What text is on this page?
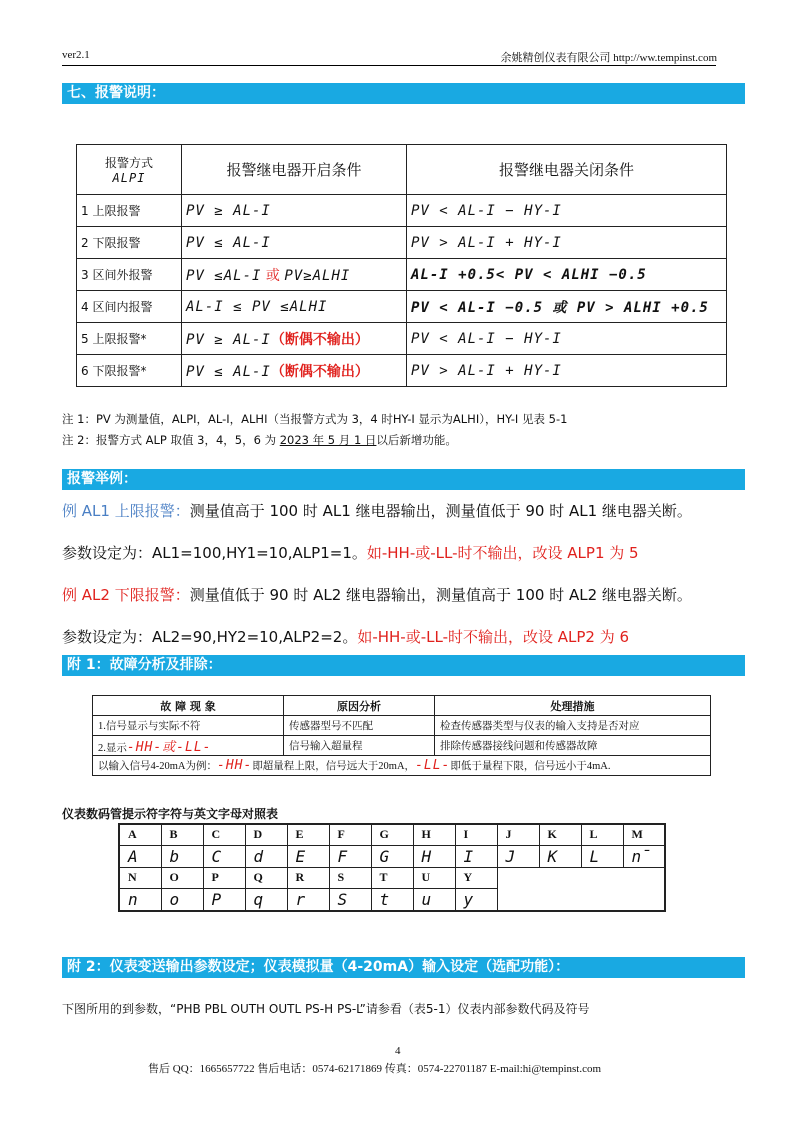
ver2.1	余姚精创仪表有限公司 http://ww.tempinst.com
七、报警说明：
报警方式
ALPI	报警继电器开启条件	报警继电器关闭条件
1 上限报警	PV ≥ AL-I	PV < AL-I − HY-I
2 下限报警	PV ≤ AL-I	PV > AL-I + HY-I
3 区间外报警	PV ≤AL-I 或 PV≥ALHI	AL-I +0.5< PV < ALHI −0.5
4 区间内报警	AL-I ≤ PV ≤ALHI	PV < AL-I −0.5 或 PV > ALHI +0.5
5 上限报警*	PV ≥ AL-I（断偶不输出）	PV < AL-I − HY-I
6 下限报警*	PV ≤ AL-I（断偶不输出）	PV > AL-I + HY-I
注 1：PV 为测量值，ALPI，AL-I，ALHI（当报警方式为 3，4 时HY-I 显示为ALHI），HY-I 见表 5-1
注 2：报警方式 ALP 取值 3，4，5，6 为 2023 年 5 月 1 日以后新增功能。
报警举例：
例 AL1 上限报警：测量值高于 100 时 AL1 继电器输出，测量值低于 90 时 AL1 继电器关断。
参数设定为：AL1=100,HY1=10,ALP1=1。如-HH-或-LL-时不输出，改设 ALP1 为 5
例 AL2 下限报警：测量值低于 90 时 AL2 继电器输出，测量值高于 100 时 AL2 继电器关断。
参数设定为：AL2=90,HY2=10,ALP2=2。如-HH-或-LL-时不输出，改设 ALP2 为 6
附 1：故障分析及排除：
故 障 现 象	原因分析	处理措施
1.信号显示与实际不符	传感器型号不匹配	检查传感器类型与仪表的输入支持是否对应
2.显示-HH-或-LL-	信号输入超量程	排除传感器接线问题和传感器故障
以输入信号4-20mA为例：-HH-即超量程上限，信号远大于20mA，-LL-即低于量程下限，信号远小于4mA.		
仪表数码管提示符字符与英文字母对照表
A	B	C	D	E	F	G	H	I	J	K	L	M
A	b	C	d	E	F	G	H	I	J	K	L	n̄
N	O	P	Q	R	S	T	U	Y				
n	o	P	q	r	S	t	u	y				
附 2：仪表变送输出参数设定；仪表模拟量（4-20mA）输入设定（选配功能）：
下图所用的到参数，“PHB PBL OUTH OUTL PS-H PS-L”请参看（表5-1）仪表内部参数代码及符号
4
售后 QQ：1665657722 售后电话：0574-62171869 传真：0574-22701187 E-mail:hi@tempinst.com
